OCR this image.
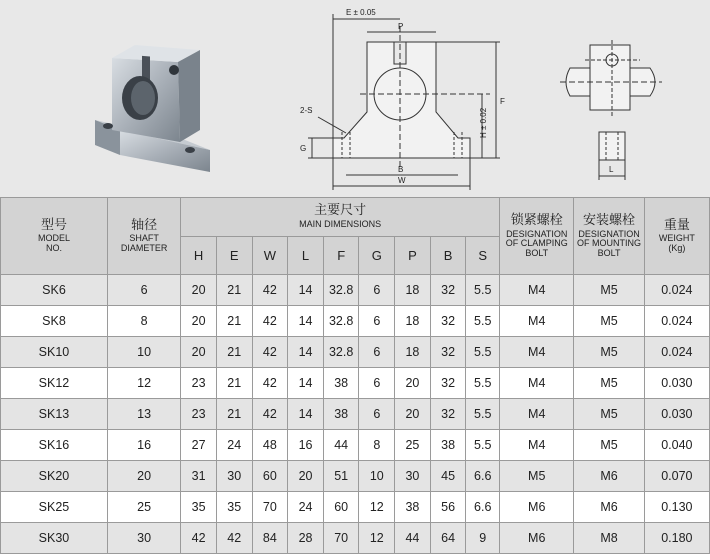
E ± 0.05
P
F
H ± 0.02
2-S
G
B
W
L
型号
MODEL
NO.	轴径
SHAFT
DIAMETER	主要尺寸
MAIN DIMENSIONS									锁紧螺栓
DESIGNATION
OF CLAMPING
BOLT	安装螺栓
DESIGNATION
OF MOUNTING
BOLT	重量
WEIGHT
(Kg)

		H	E	W	L	F	G	P	B	S			
SK6	6	20	21	42	14	32.8	6	18	32	5.5	M4	M5	0.024
SK8	8	20	21	42	14	32.8	6	18	32	5.5	M4	M5	0.024
SK10	10	20	21	42	14	32.8	6	18	32	5.5	M4	M5	0.024
SK12	12	23	21	42	14	38	6	20	32	5.5	M4	M5	0.030
SK13	13	23	21	42	14	38	6	20	32	5.5	M4	M5	0.030
SK16	16	27	24	48	16	44	8	25	38	5.5	M4	M5	0.040
SK20	20	31	30	60	20	51	10	30	45	6.6	M5	M6	0.070
SK25	25	35	35	70	24	60	12	38	56	6.6	M6	M6	0.130
SK30	30	42	42	84	28	70	12	44	64	9	M6	M8	0.180
